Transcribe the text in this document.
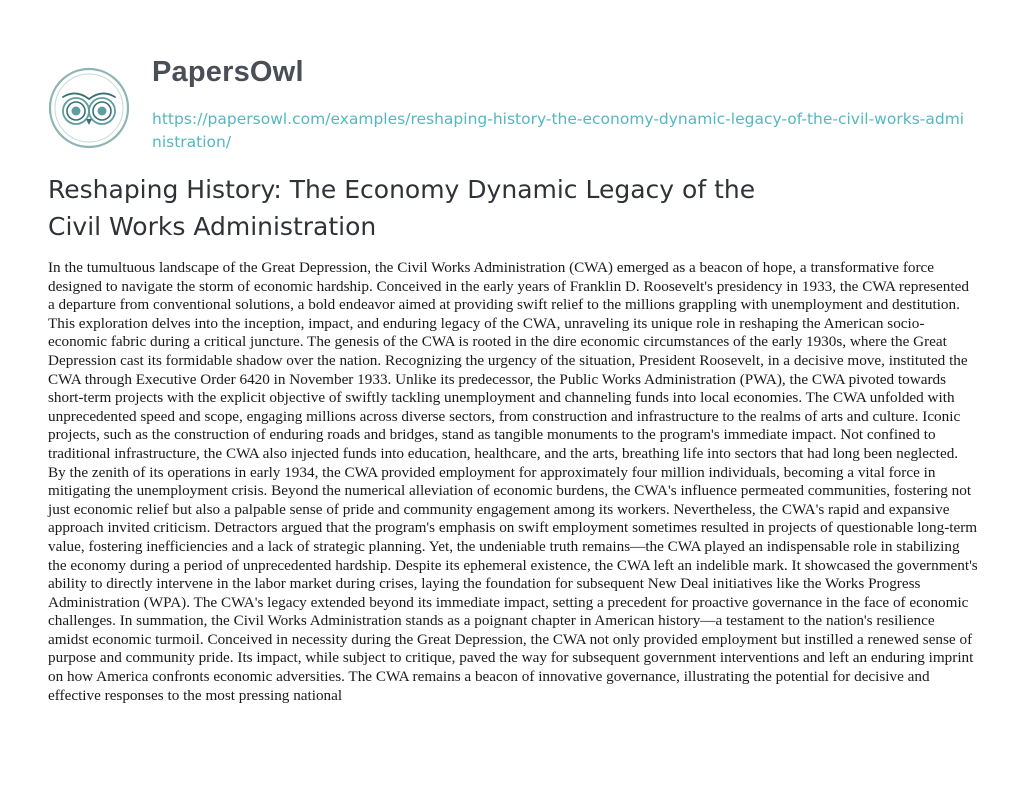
PapersOwl
https://papersowl.com/examples/reshaping-history-the-economy-dynamic-legacy-of-the-civil-works-administration/
Reshaping History: The Economy Dynamic Legacy of the Civil Works Administration

In the tumultuous landscape of the Great Depression, the Civil Works Administration (CWA) emerged as a beacon of hope, a transformative force designed to navigate the storm of economic hardship. Conceived in the early years of Franklin D. Roosevelt's presidency in 1933, the CWA represented a departure from conventional solutions, a bold endeavor aimed at providing swift relief to the millions grappling with unemployment and destitution. This exploration delves into the inception, impact, and enduring legacy of the CWA, unraveling its unique role in reshaping the American socio-economic fabric during a critical juncture. The genesis of the CWA is rooted in the dire economic circumstances of the early 1930s, where the Great Depression cast its formidable shadow over the nation. Recognizing the urgency of the situation, President Roosevelt, in a decisive move, instituted the CWA through Executive Order 6420 in November 1933. Unlike its predecessor, the Public Works Administration (PWA), the CWA pivoted towards short-term projects with the explicit objective of swiftly tackling unemployment and channeling funds into local economies. The CWA unfolded with unprecedented speed and scope, engaging millions across diverse sectors, from construction and infrastructure to the realms of arts and culture. Iconic projects, such as the construction of enduring roads and bridges, stand as tangible monuments to the program's immediate impact. Not confined to traditional infrastructure, the CWA also injected funds into education, healthcare, and the arts, breathing life into sectors that had long been neglected. By the zenith of its operations in early 1934, the CWA provided employment for approximately four million individuals, becoming a vital force in mitigating the unemployment crisis. Beyond the numerical alleviation of economic burdens, the CWA's influence permeated communities, fostering not just economic relief but also a palpable sense of pride and community engagement among its workers. Nevertheless, the CWA's rapid and expansive approach invited criticism. Detractors argued that the program's emphasis on swift employment sometimes resulted in projects of questionable long-term value, fostering inefficiencies and a lack of strategic planning. Yet, the undeniable truth remains—the CWA played an indispensable role in stabilizing the economy during a period of unprecedented hardship. Despite its ephemeral existence, the CWA left an indelible mark. It showcased the government's ability to directly intervene in the labor market during crises, laying the foundation for subsequent New Deal initiatives like the Works Progress Administration (WPA). The CWA's legacy extended beyond its immediate impact, setting a precedent for proactive governance in the face of economic challenges. In summation, the Civil Works Administration stands as a poignant chapter in American history—a testament to the nation's resilience amidst economic turmoil. Conceived in necessity during the Great Depression, the CWA not only provided employment but instilled a renewed sense of purpose and community pride. Its impact, while subject to critique, paved the way for subsequent government interventions and left an enduring imprint on how America confronts economic adversities. The CWA remains a beacon of innovative governance, illustrating the potential for decisive and effective responses to the most pressing national
